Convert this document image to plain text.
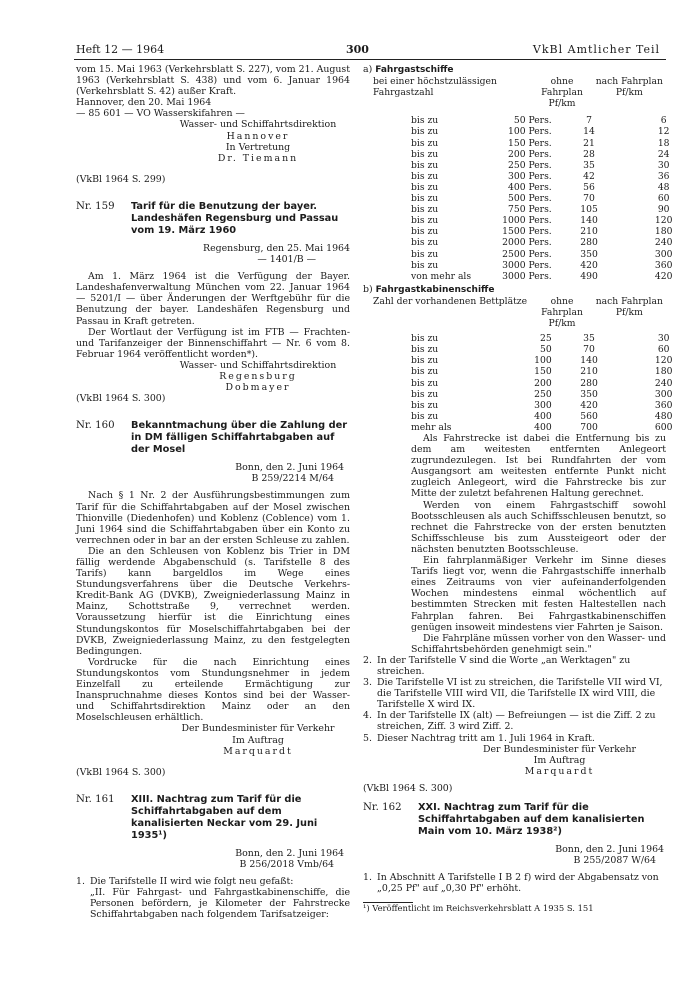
Heft 12 — 1964	300	VkBl Amtlicher Teil

vom 15. Mai 1963 (Verkehrsblatt S. 227), vom 21. August 1963 (Verkehrsblatt S. 438) und vom 6. Januar 1964 (Verkehrsblatt S. 42) außer Kraft.

Hannover, den 20. Mai 1964

— 85 601 — VO Wasserskifahren —

Wasser- und Schiffahrtsdirektion
Hannover
In Vertretung
Dr. Tiemann

(VkBl 1964 S. 299)

Nr. 159	Tarif für die Benutzung der bayer. Landeshäfen Regensburg und Passau vom 19. März 1960

Regensburg, den 25. Mai 1964

— 1401/B —

Am 1. März 1964 ist die Verfügung der Bayer. Landeshafenverwaltung München vom 22. Januar 1964 — 5201/I — über Änderungen der Werftgebühr für die Benutzung der bayer. Landeshäfen Regensburg und Passau in Kraft getreten.

Der Wortlaut der Verfügung ist im FTB — Frachten- und Tarifanzeiger der Binnenschiffahrt — Nr. 6 vom 8. Februar 1964 veröffentlicht worden*).

Wasser- und Schiffahrtsdirektion
Regensburg
Dobmayer

(VkBl 1964 S. 300)

Nr. 160	Bekanntmachung über die Zahlung der in DM fälligen Schiffahrtabgaben auf der Mosel

Bonn, den 2. Juni 1964

B 259/2214 M/64

Nach § 1 Nr. 2 der Ausführungsbestimmungen zum Tarif für die Schiffahrtabgaben auf der Mosel zwischen Thionville (Diedenhofen) und Koblenz (Coblence) vom 1. Juni 1964 sind die Schiffahrtabgaben über ein Konto zu verrechnen oder in bar an der ersten Schleuse zu zahlen.

Die an den Schleusen von Koblenz bis Trier in DM fällig werdende Abgabenschuld (s. Tarifstelle 8 des Tarifs) kann bargeldlos im Wege eines Stundungsverfahrens über die Deutsche Verkehrs-Kredit-Bank AG (DVKB), Zweigniederlassung Mainz in Mainz, Schottstraße 9, verrechnet werden. Voraussetzung hierfür ist die Einrichtung eines Stundungskontos für Moselschiffahrtabgaben bei der DVKB, Zweigniederlassung Mainz, zu den festgelegten Bedingungen.

Vordrucke für die nach Einrichtung eines Stundungskontos vom Stundungsnehmer in jedem Einzelfall zu erteilende Ermächtigung zur Inanspruchnahme dieses Kontos sind bei der Wasser- und Schiffahrtsdirektion Mainz oder an den Moselschleusen erhältlich.

Der Bundesminister für Verkehr
Im Auftrag
Marquardt

(VkBl 1964 S. 300)

Nr. 161	XIII. Nachtrag zum Tarif für die Schiffahrtabgaben auf dem kanalisierten Neckar vom 29. Juni 1935¹)

Bonn, den 2. Juni 1964

B 256/2018 Vmb/64

1. Die Tarifstelle II wird wie folgt neu gefaßt:

„II. Für Fahrgast- und Fahrgastkabinenschiffe, die Personen befördern, je Kilometer der Fahrstrecke Schiffahrtabgaben nach folgendem Tarifsatzeiger:

a) Fahrgastschiffe
bei einer höchstzulässigen Fahrgastzahl	ohne Fahrplan Pf/km	nach Fahrplan Pf/km

bis zu	50 Pers.	7	6
bis zu	100 Pers.	14	12
bis zu	150 Pers.	21	18
bis zu	200 Pers.	28	24
bis zu	250 Pers.	35	30
bis zu	300 Pers.	42	36
bis zu	400 Pers.	56	48
bis zu	500 Pers.	70	60
bis zu	750 Pers.	105	90
bis zu	1000 Pers.	140	120
bis zu	1500 Pers.	210	180
bis zu	2000 Pers.	280	240
bis zu	2500 Pers.	350	300
bis zu	3000 Pers.	420	360
von mehr als	3000 Pers.	490	420
b) Fahrgastkabinenschiffe
Zahl der vorhandenen Bettplätze	ohne Fahrplan Pf/km	nach Fahrplan Pf/km

bis zu	25	35	30
bis zu	50	70	60
bis zu	100	140	120
bis zu	150	210	180
bis zu	200	280	240
bis zu	250	350	300
bis zu	300	420	360
bis zu	400	560	480
mehr als	400	700	600

Als Fahrstrecke ist dabei die Entfernung bis zu dem am weitesten entfernten Anlegeort zugrundezulegen. Ist bei Rundfahrten der vom Ausgangsort am weitesten entfernte Punkt nicht zugleich Anlegeort, wird die Fahrstrecke bis zur Mitte der zuletzt befahrenen Haltung gerechnet.

Werden von einem Fahrgastschiff sowohl Bootsschleusen als auch Schiffsschleusen benutzt, so rechnet die Fahrstrecke von der ersten benutzten Schiffsschleuse bis zum Aussteigeort oder der nächsten benutzten Bootsschleuse.

Ein fahrplanmäßiger Verkehr im Sinne dieses Tarifs liegt vor, wenn die Fahrgastschiffe innerhalb eines Zeitraums von vier aufeinanderfolgenden Wochen mindestens einmal wöchentlich auf bestimmten Strecken mit festen Haltestellen nach Fahrplan fahren. Bei Fahrgastkabinenschiffen genügen insoweit mindestens vier Fahrten je Saison.

Die Fahrpläne müssen vorher von den Wasser- und Schiffahrtsbehörden genehmigt sein."

2. In der Tarifstelle V sind die Worte „an Werktagen" zu streichen.
3. Die Tarifstelle VI ist zu streichen, die Tarifstelle VII wird VI, die Tarifstelle VIII wird VII, die Tarifstelle IX wird VIII, die Tarifstelle X wird IX.
4. In der Tarifstelle IX (alt) — Befreiungen — ist die Ziff. 2 zu streichen, Ziff. 3 wird Ziff. 2.
5. Dieser Nachtrag tritt am 1. Juli 1964 in Kraft.
Der Bundesminister für Verkehr
Im Auftrag
Marquardt

(VkBl 1964 S. 300)

Nr. 162	XXI. Nachtrag zum Tarif für die Schiffahrtabgaben auf dem kanalisierten Main vom 10. März 1938²)

Bonn, den 2. Juni 1964

B 255/2087 W/64

1. In Abschnitt A Tarifstelle I B 2 f) wird der Abgabensatz von „0,25 Pf" auf „0,30 Pf" erhöht.

¹) Veröffentlicht im Reichsverkehrsblatt A 1935 S. 151
